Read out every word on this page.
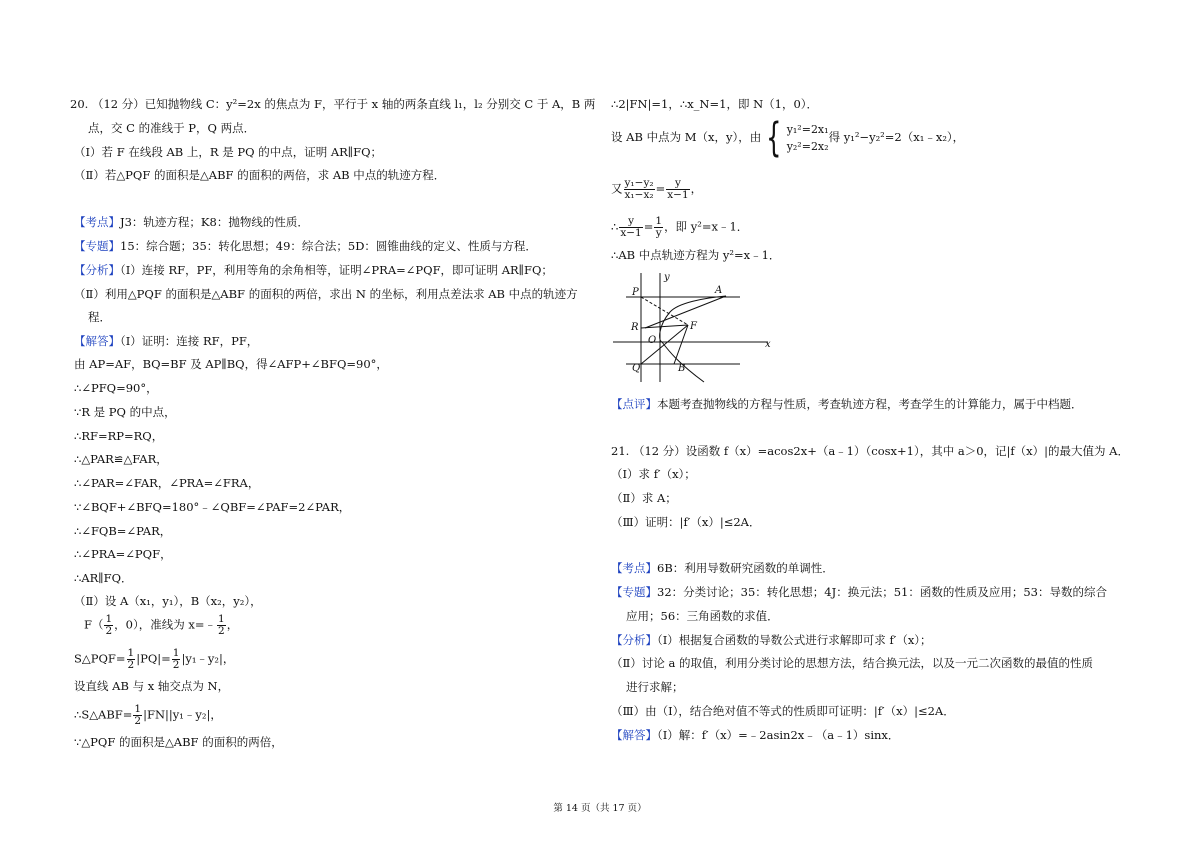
20. （12 分）已知抛物线 C：y²=2x 的焦点为 F，平行于 x 轴的两条直线 l₁，l₂ 分别交 C 于 A，B 两
点，交 C 的准线于 P，Q 两点．
（Ⅰ）若 F 在线段 AB 上，R 是 PQ 的中点，证明 AR∥FQ；
（Ⅱ）若△PQF 的面积是△ABF 的面积的两倍，求 AB 中点的轨迹方程．
【考点】J3：轨迹方程；K8：抛物线的性质．
【专题】15：综合题；35：转化思想；49：综合法；5D：圆锥曲线的定义、性质与方程．
【分析】（Ⅰ）连接 RF，PF，利用等角的余角相等，证明∠PRA=∠PQF，即可证明 AR∥FQ；
（Ⅱ）利用△PQF 的面积是△ABF 的面积的两倍，求出 N 的坐标，利用点差法求 AB 中点的轨迹方
程．
【解答】（Ⅰ）证明：连接 RF，PF，
由 AP=AF，BQ=BF 及 AP∥BQ，得∠AFP+∠BFQ=90°，
∴∠PFQ=90°，
∵R 是 PQ 的中点，
∴RF=RP=RQ，
∴△PAR≌△FAR，
∴∠PAR=∠FAR，∠PRA=∠FRA，
∵∠BQF+∠BFQ=180°﹣∠QBF=∠PAF=2∠PAR，
∴∠FQB=∠PAR，
∴∠PRA=∠PQF，
∴AR∥FQ．
（Ⅱ）设 A（x₁，y₁），B（x₂，y₂），
$F( \frac{1}{2}$ ，0），准线为 x=﹣ $\frac{1}{2}$ ，
S△PQF= $\frac{1}{2} |PQ|= \frac{1}{2}$ |y₁﹣y₂|，
设直线 AB 与 x 轴交点为 N，
∴S△ABF= $\frac{1}{2}$ |FN||y₁﹣y₂|，
∵△PQF 的面积是△ABF 的面积的两倍，
∴2|FN|=1，∴x_N=1，即 N（1，0）．
设 AB 中点为 M（x，y），由 { y₁²=2x₁
y₂²=2x₂
得 y₁²−y₂²=2（x₁﹣x₂），
又 $\frac{\text{y₁−y₂}}{\text{x₁−x₂}} = \frac{y}{x-1}$ ，
∴ $\frac{y}{x-1} = \frac{1}{y}$ ，即 y²=x﹣1．
∴AB 中点轨迹方程为 y²=x﹣1．
y
x
P	A
R	F
O
Q	B
【点评】本题考查抛物线的方程与性质，考查轨迹方程，考查学生的计算能力，属于中档题．
21. （12 分）设函数 f（x）=acos2x+（a﹣1）（cosx+1），其中 a＞0，记|f（x）|的最大值为 A．
（Ⅰ）求 f′（x）；
（Ⅱ）求 A；
（Ⅲ）证明：|f′（x）|≤2A．
【考点】6B：利用导数研究函数的单调性．
【专题】32：分类讨论；35：转化思想；4J：换元法；51：函数的性质及应用；53：导数的综合
应用；56：三角函数的求值．
【分析】（Ⅰ）根据复合函数的导数公式进行求解即可求 f′（x）；
（Ⅱ）讨论 a 的取值，利用分类讨论的思想方法，结合换元法，以及一元二次函数的最值的性质
进行求解；
（Ⅲ）由（Ⅰ），结合绝对值不等式的性质即可证明：|f′（x）|≤2A．
【解答】（Ⅰ）解：f′（x）=﹣2asin2x﹣（a﹣1）sinx．
第 14 页（共 17 页）
